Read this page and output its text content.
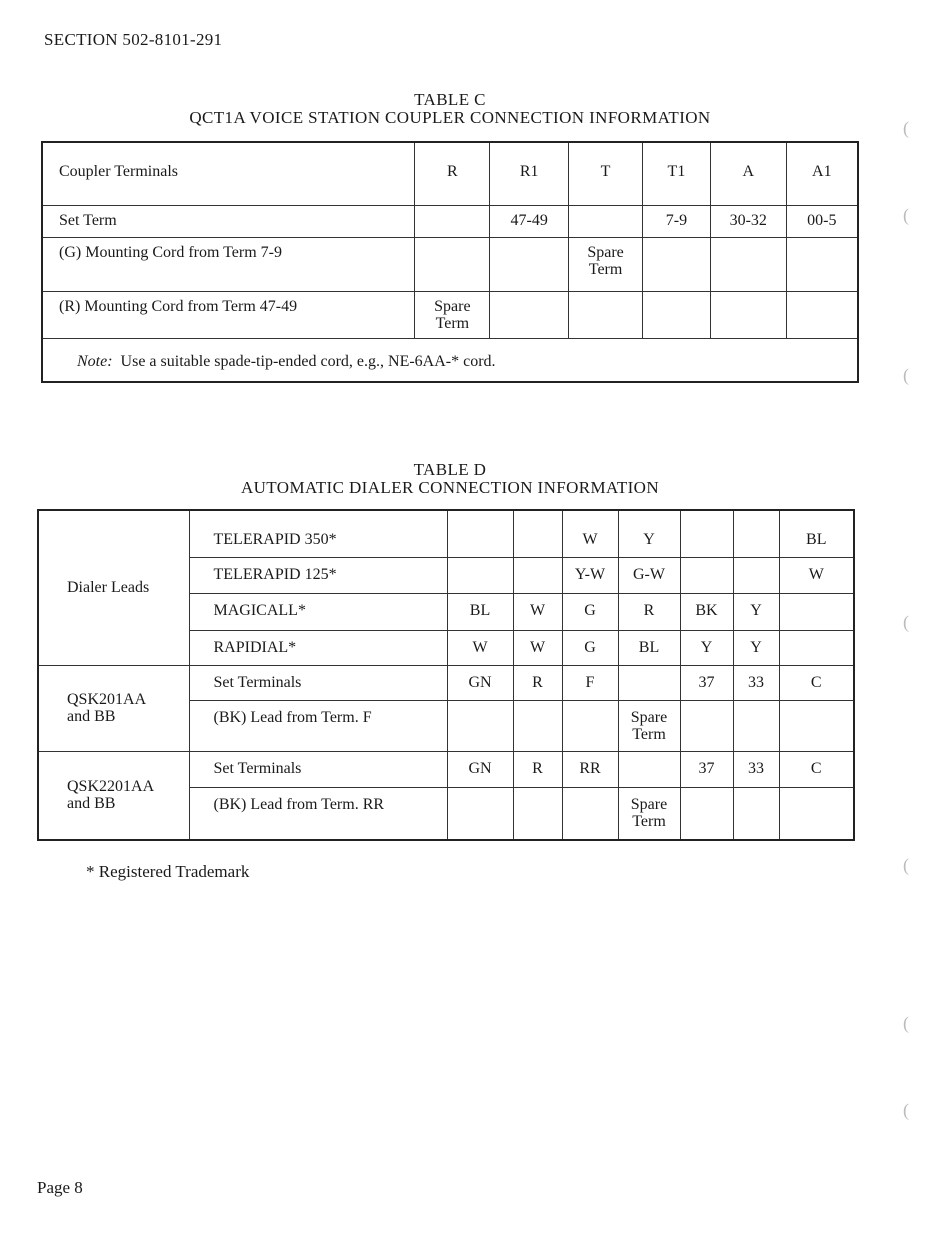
SECTION 502-8101-291
TABLE C
QCT1A VOICE STATION COUPLER CONNECTION INFORMATION
Coupler Terminals	R	R1	T	T1	A	A1
Set Term		47-49		7-9	30-32	00-5
(G) Mounting Cord from Term 7-9			Spare Term			
(R) Mounting Cord from Term 47-49	Spare Term					
Note: Use a suitable spade-tip-ended cord, e.g., NE-6AA-* cord.						
TABLE D
AUTOMATIC DIALER CONNECTION INFORMATION
Dialer Leads	TELERAPID 350*			W	Y			BL
	TELERAPID 125*			Y-W	G-W			W
	MAGICALL*	BL	W	G	R	BK	Y	
	RAPIDIAL*	W	W	G	BL	Y	Y	

QSK201AA
and BB	Set Terminals	GN	R	F		37	33	C
	(BK) Lead from Term. F				Spare Term			

QSK2201AA
and BB	Set Terminals	GN	R	RR		37	33	C
	(BK) Lead from Term. RR				Spare Term			
* Registered Trademark
Page 8
(
(
(
(
(
(
(
